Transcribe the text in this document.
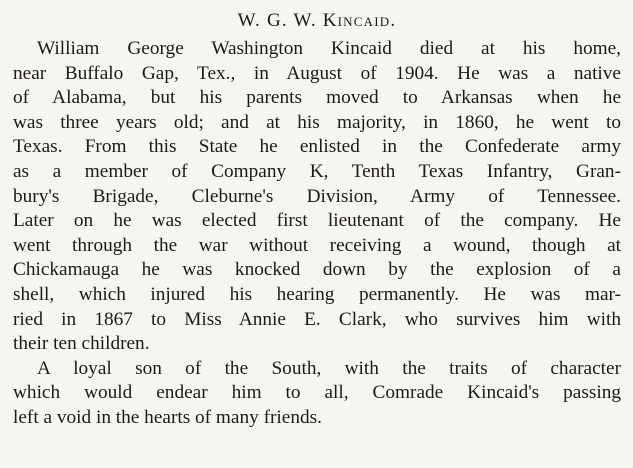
W. G. W. Kincaid.

William George Washington Kincaid died at his home,
near Buffalo Gap, Tex., in August of 1904. He was a native
of Alabama, but his parents moved to Arkansas when he
was three years old; and at his majority, in 1860, he went to
Texas. From this State he enlisted in the Confederate army
as a member of Company K, Tenth Texas Infantry, Gran-
bury's Brigade, Cleburne's Division, Army of Tennessee.
Later on he was elected first lieutenant of the company. He
went through the war without receiving a wound, though at
Chickamauga he was knocked down by the explosion of a
shell, which injured his hearing permanently. He was mar-
ried in 1867 to Miss Annie E. Clark, who survives him with
their ten children.

A loyal son of the South, with the traits of character
which would endear him to all, Comrade Kincaid's passing
left a void in the hearts of many friends.
